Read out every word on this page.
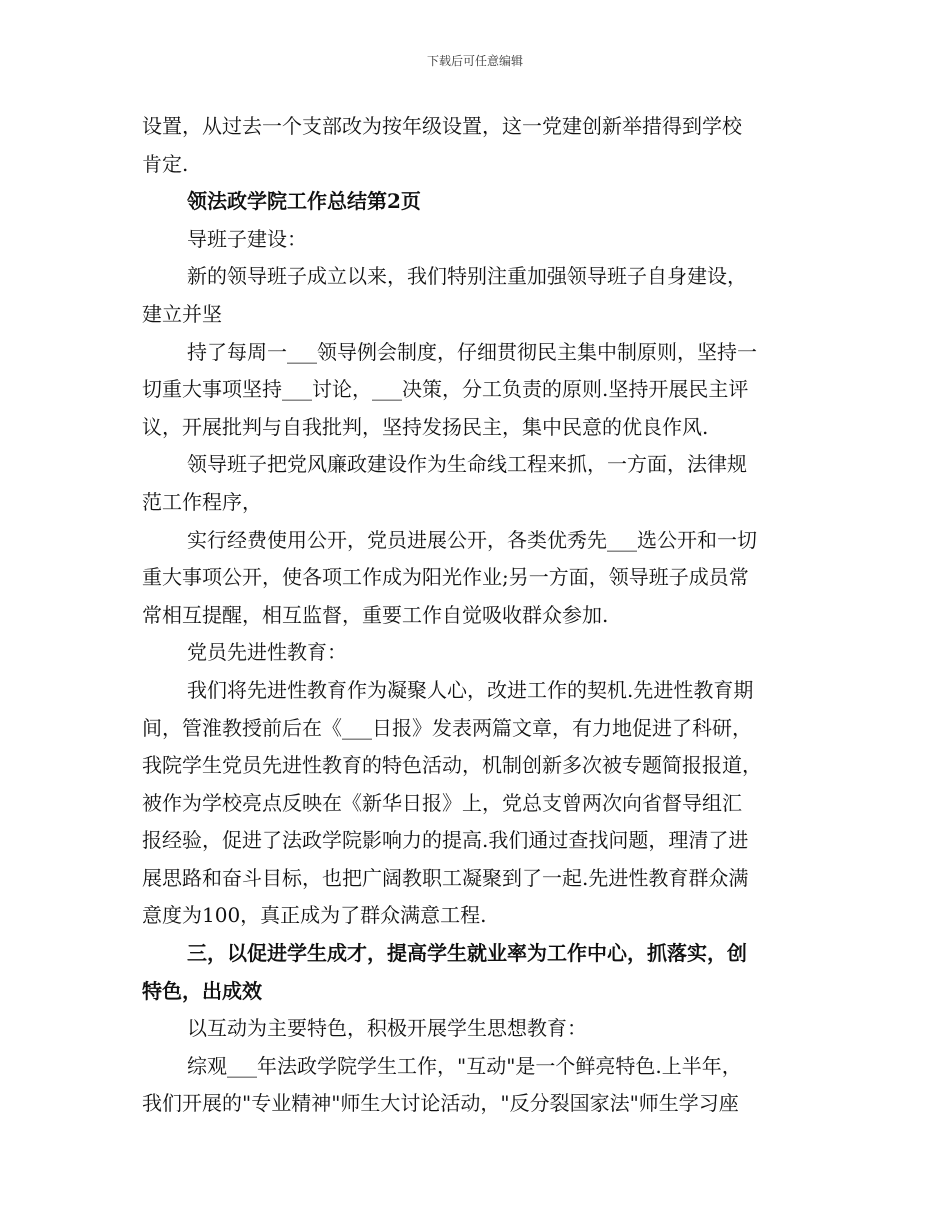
下载后可任意编辑
设置，从过去一个支部改为按年级设置，这一党建创新举措得到学校
肯定.
领法政学院工作总结第2页
导班子建设：
新的领导班子成立以来，我们特别注重加强领导班子自身建设，
建立并坚
持了每周一___领导例会制度，仔细贯彻民主集中制原则，坚持一
切重大事项坚持___讨论，___决策，分工负责的原则.坚持开展民主评
议，开展批判与自我批判，坚持发扬民主，集中民意的优良作风.
领导班子把党风廉政建设作为生命线工程来抓，一方面，法律规
范工作程序，
实行经费使用公开，党员进展公开，各类优秀先___选公开和一切
重大事项公开，使各项工作成为阳光作业;另一方面，领导班子成员常
常相互提醒，相互监督，重要工作自觉吸收群众参加.
党员先进性教育：
我们将先进性教育作为凝聚人心，改进工作的契机.先进性教育期
间，管淮教授前后在《___日报》发表两篇文章，有力地促进了科研，
我院学生党员先进性教育的特色活动，机制创新多次被专题简报报道，
被作为学校亮点反映在《新华日报》上，党总支曾两次向省督导组汇
报经验，促进了法政学院影响力的提高.我们通过查找问题，理清了进
展思路和奋斗目标，也把广阔教职工凝聚到了一起.先进性教育群众满
意度为100，真正成为了群众满意工程.
三，以促进学生成才，提高学生就业率为工作中心，抓落实，创
特色，出成效
以互动为主要特色，积极开展学生思想教育：
综观___年法政学院学生工作，"互动"是一个鲜亮特色.上半年，
我们开展的"专业精神"师生大讨论活动，"反分裂国家法"师生学习座
